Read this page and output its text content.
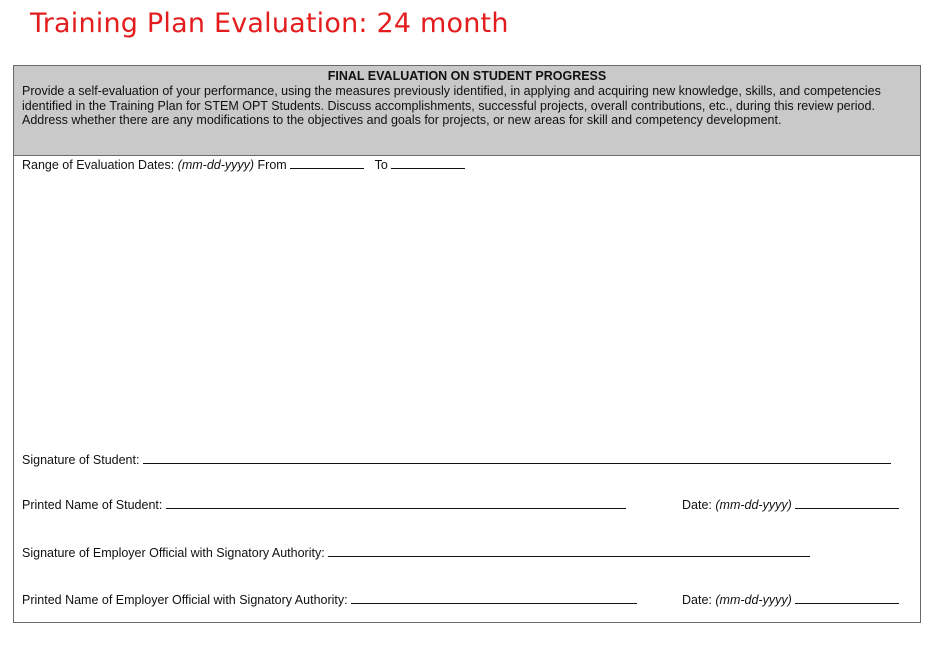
Training Plan Evaluation: 24 month
FINAL EVALUATION ON STUDENT PROGRESS
Provide a self-evaluation of your performance, using the measures previously identified, in applying and acquiring new knowledge, skills, and competencies identified in the Training Plan for STEM OPT Students. Discuss accomplishments, successful projects, overall contributions, etc., during this review period. Address whether there are any modifications to the objectives and goals for projects, or new areas for skill and competency development.
Range of Evaluation Dates: (mm-dd-yyyy) From	To
Signature of Student:
Printed Name of Student:	Date: (mm-dd-yyyy)
Signature of Employer Official with Signatory Authority:
Printed Name of Employer Official with Signatory Authority:	Date: (mm-dd-yyyy)
